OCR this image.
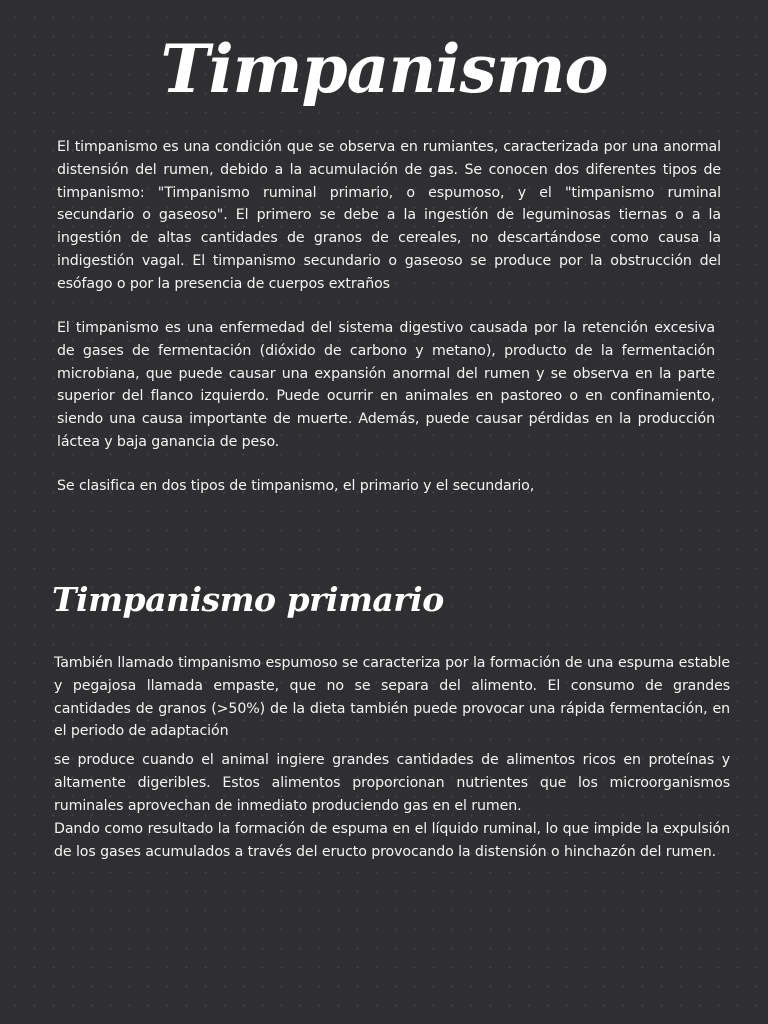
Timpanismo

El timpanismo es una condición que se observa en rumiantes, caracterizada por una anormal distensión del rumen, debido a la acumulación de gas. Se conocen dos diferentes tipos de timpanismo: "Timpanismo ruminal primario, o espumoso, y el "timpanismo ruminal secundario o gaseoso". El primero se debe a la ingestión de leguminosas tiernas o a la ingestión de altas cantidades de granos de cereales, no descartándose como causa la indigestión vagal. El timpanismo secundario o gaseoso se produce por la obstrucción del esófago o por la presencia de cuerpos extraños

El timpanismo es una enfermedad del sistema digestivo causada por la retención excesiva de gases de fermentación (dióxido de carbono y metano), producto de la fermentación microbiana, que puede causar una expansión anormal del rumen y se observa en la parte superior del flanco izquierdo. Puede ocurrir en animales en pastoreo o en confinamiento, siendo una causa importante de muerte. Además, puede causar pérdidas en la producción láctea y baja ganancia de peso.

Se clasifica en dos tipos de timpanismo, el primario y el secundario,

Timpanismo primario

También llamado timpanismo espumoso se caracteriza por la formación de una espuma estable y pegajosa llamada empaste, que no se separa del alimento. El consumo de grandes cantidades de granos (>50%) de la dieta también puede provocar una rápida fermentación, en el periodo de adaptación

se produce cuando el animal ingiere grandes cantidades de alimentos ricos en proteínas y altamente digeribles. Estos alimentos proporcionan nutrientes que los microorganismos ruminales aprovechan de inmediato produciendo gas en el rumen.

Dando como resultado la formación de espuma en el líquido ruminal, lo que impide la expulsión de los gases acumulados a través del eructo provocando la distensión o hinchazón del rumen.
